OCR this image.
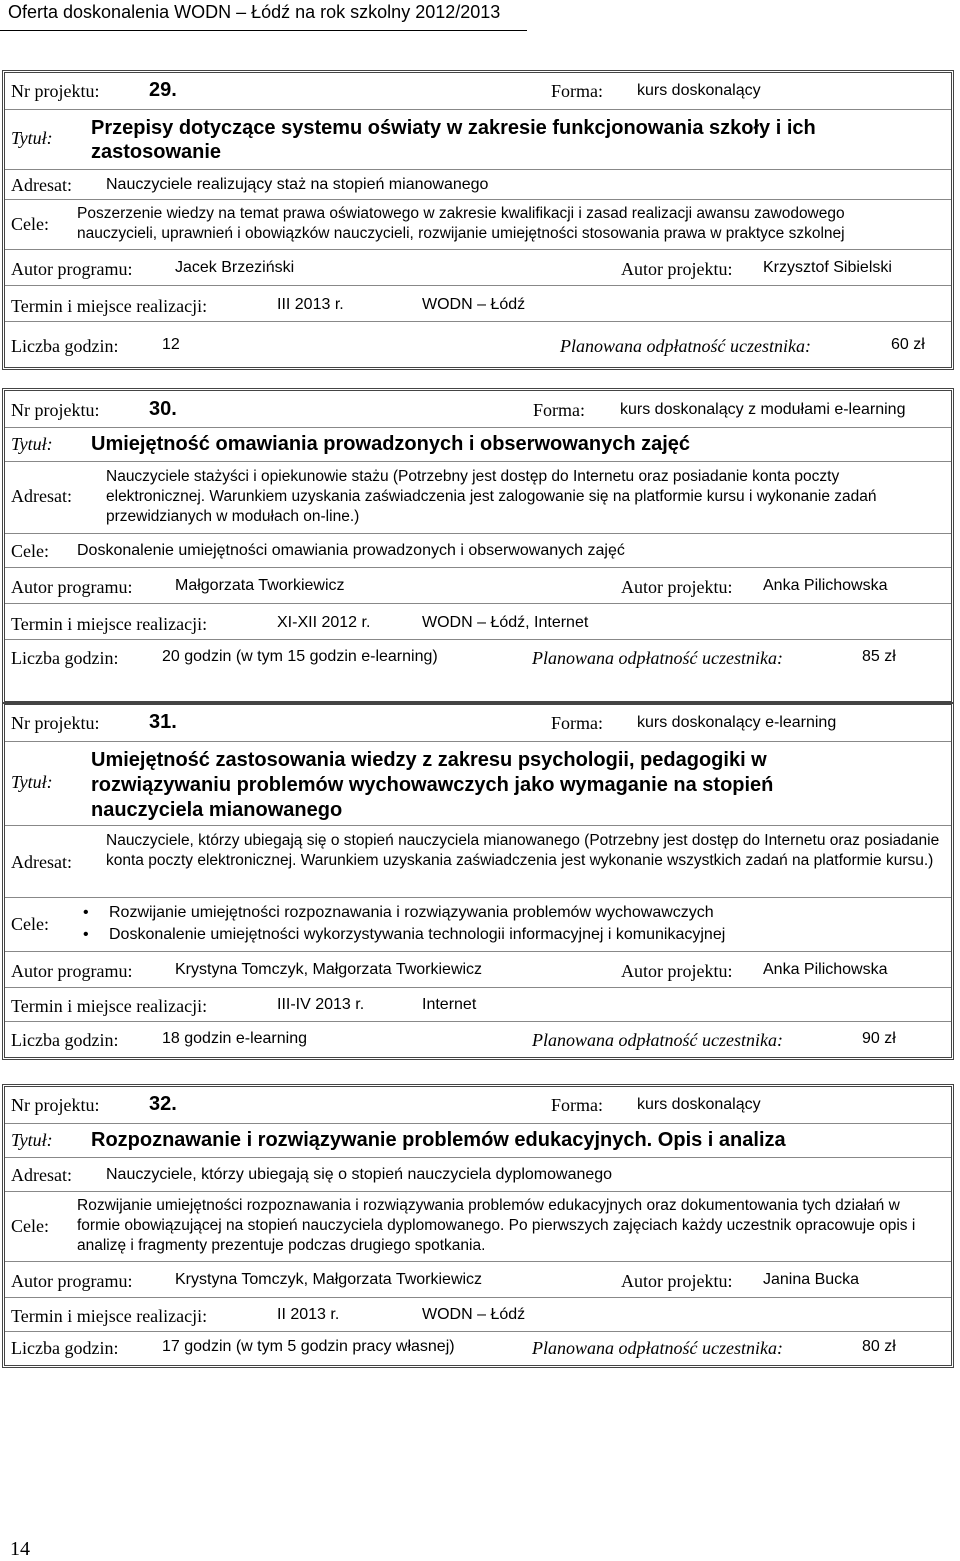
Oferta doskonalenia WODN – Łódź na rok szkolny 2012/2013
Nr projektu: 29.	Forma: kurs doskonalący
Tytuł: Przepisy dotyczące systemu oświaty w zakresie funkcjonowania szkoły i ich zastosowanie
Adresat: Nauczyciele realizujący staż na stopień mianowanego
Cele:
Poszerzenie wiedzy na temat prawa oświatowego w zakresie kwalifikacji i zasad realizacji awansu zawodowego nauczycieli, uprawnień i obowiązków nauczycieli, rozwijanie umiejętności stosowania prawa w praktyce szkolnej
Autor programu:	Jacek Brzeziński	Autor projektu: Krzysztof Sibielski
Termin i miejsce realizacji:	III 2013 r.	WODN – Łódź
Liczba godzin:	12	Planowana odpłatność uczestnika:	60 zł
Nr projektu: 30.	Forma: kurs doskonalący z modułami e-learning
Tytuł: Umiejętność omawiania prowadzonych i obserwowanych zajęć
Adresat:
Nauczyciele stażyści i opiekunowie stażu (Potrzebny jest dostęp do Internetu oraz posiadanie konta poczty elektronicznej. Warunkiem uzyskania zaświadczenia jest zalogowanie się na platformie kursu i wykonanie zadań przewidzianych w modułach on-line.)
Cele: Doskonalenie umiejętności omawiania prowadzonych i obserwowanych zajęć
Autor programu:	Małgorzata Tworkiewicz	Autor projektu: Anka Pilichowska
Termin i miejsce realizacji:	XI-XII 2012 r.	WODN – Łódź, Internet
Liczba godzin:	20 godzin (w tym 15 godzin e-learning)	Planowana odpłatność uczestnika:	85 zł
Nr projektu: 31.	Forma: kurs doskonalący e-learning
Tytuł:
Umiejętność zastosowania wiedzy z zakresu psychologii, pedagogiki w rozwiązywaniu problemów wychowawczych jako wymaganie na stopień nauczyciela mianowanego
Adresat:
Nauczyciele, którzy ubiegają się o stopień nauczyciela mianowanego (Potrzebny jest dostęp do Internetu oraz posiadanie konta poczty elektronicznej. Warunkiem uzyskania zaświadczenia jest wykonanie wszystkich zadań na platformie kursu.)
Cele:
• Rozwijanie umiejętności rozpoznawania i rozwiązywania problemów wychowawczych
• Doskonalenie umiejętności wykorzystywania technologii informacyjnej i komunikacyjnej
Autor programu:	Krystyna Tomczyk, Małgorzata Tworkiewicz	Autor projektu: Anka Pilichowska
Termin i miejsce realizacji:	III-IV 2013 r.	Internet
Liczba godzin:	18 godzin e-learning	Planowana odpłatność uczestnika:	90 zł
Nr projektu: 32.	Forma: kurs doskonalący
Tytuł: Rozpoznawanie i rozwiązywanie problemów edukacyjnych. Opis i analiza
Adresat: Nauczyciele, którzy ubiegają się o stopień nauczyciela dyplomowanego
Cele:
Rozwijanie umiejętności rozpoznawania i rozwiązywania problemów edukacyjnych oraz dokumentowania tych działań w formie obowiązującej na stopień nauczyciela dyplomowanego. Po pierwszych zajęciach każdy uczestnik opracowuje opis i analizę i fragmenty prezentuje podczas drugiego spotkania.
Autor programu:	Krystyna Tomczyk, Małgorzata Tworkiewicz	Autor projektu: Janina Bucka
Termin i miejsce realizacji:	II 2013 r.	WODN – Łódź
Liczba godzin:	17 godzin (w tym 5 godzin pracy własnej)	Planowana odpłatność uczestnika:	80 zł
14
